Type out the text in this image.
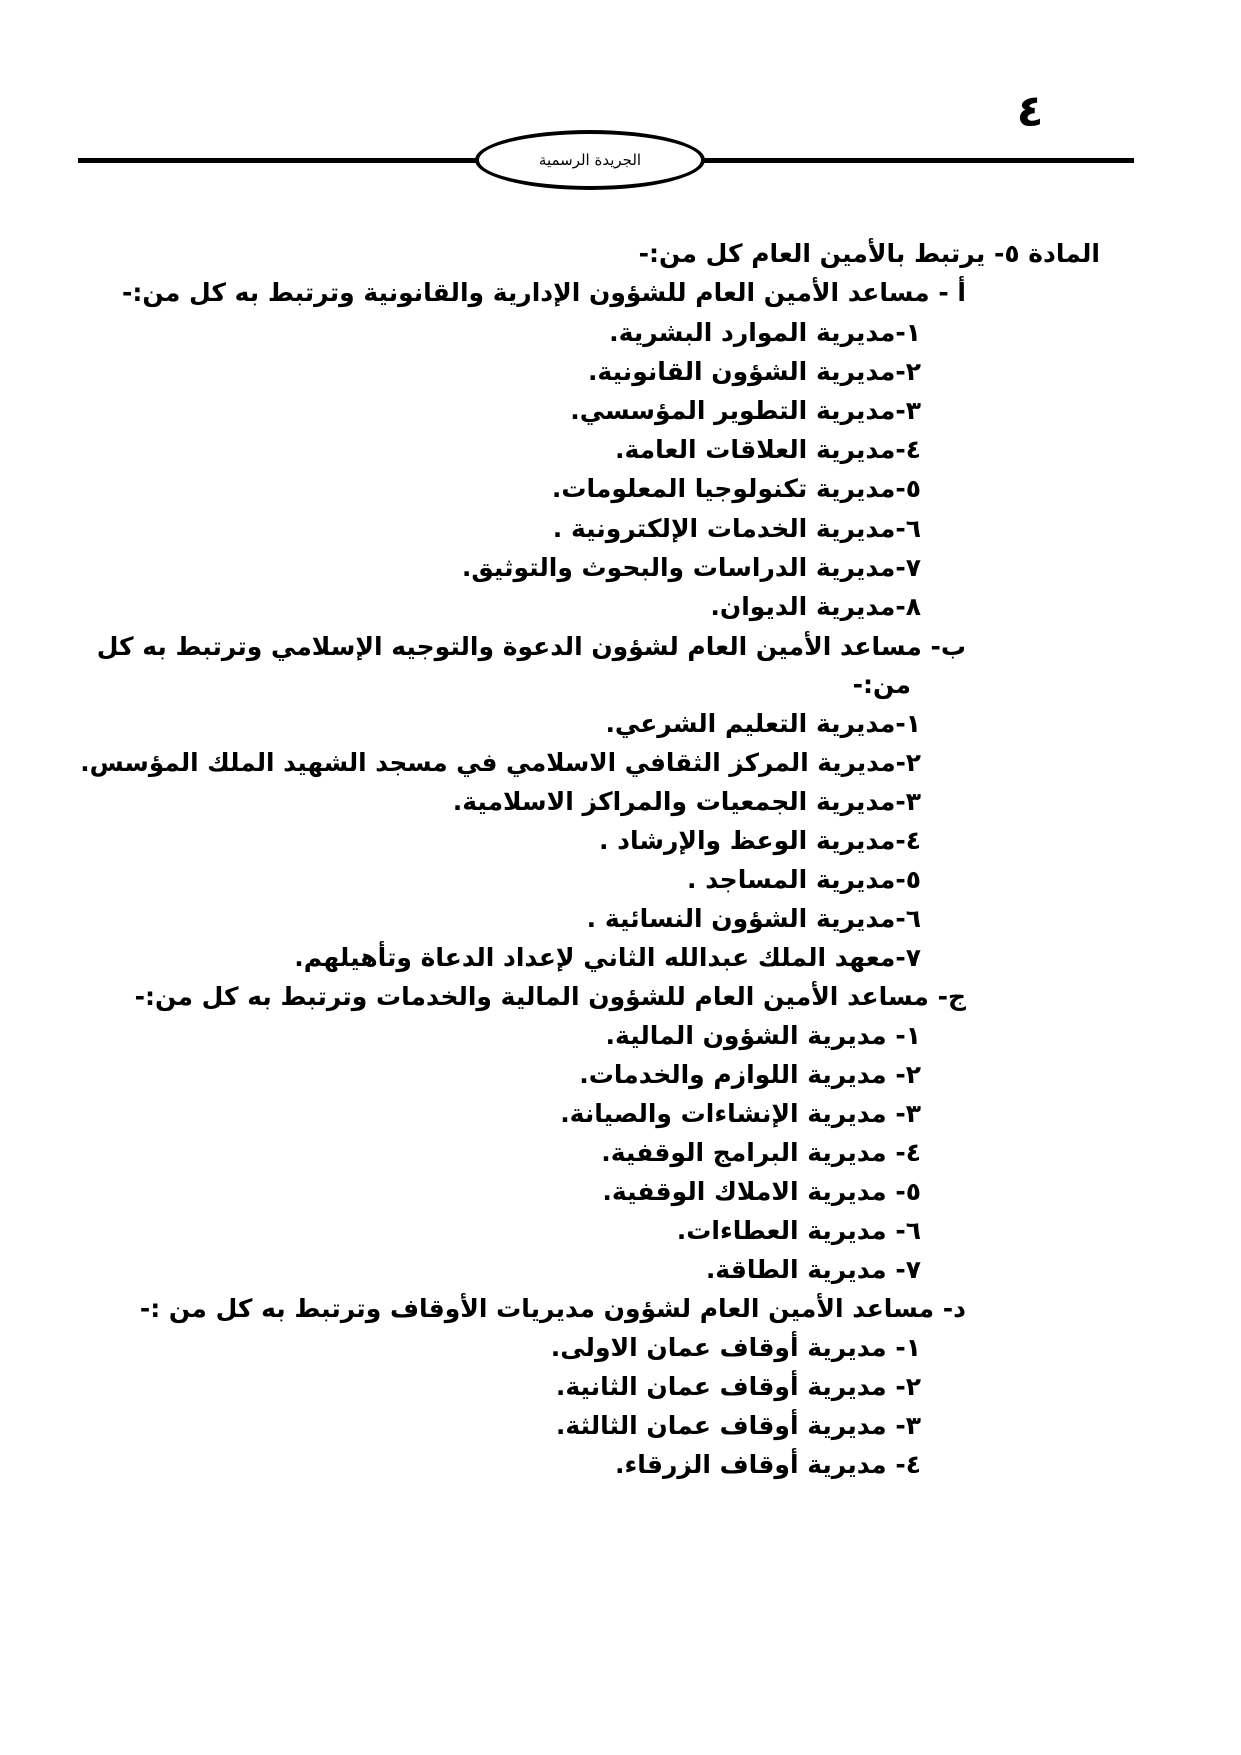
٤
الجريدة الرسمية
المادة ٥- يرتبط بالأمين العام كل من:-
أ - مساعد الأمين العام للشؤون الإدارية والقانونية وترتبط به كل من:-
١-مديرية الموارد البشرية.
٢-مديرية الشؤون القانونية.
٣-مديرية التطوير المؤسسي.
٤-مديرية العلاقات العامة.
٥-مديرية تكنولوجيا المعلومات.
٦-مديرية الخدمات الإلكترونية .
٧-مديرية الدراسات والبحوث والتوثيق.
٨-مديرية الديوان.
ب- مساعد الأمين العام لشؤون الدعوة والتوجيه الإسلامي وترتبط به كل
من:-
١-مديرية التعليم الشرعي.
٢-مديرية المركز الثقافي الاسلامي في مسجد الشهيد الملك المؤسس.
٣-مديرية الجمعيات والمراكز الاسلامية.
٤-مديرية الوعظ والإرشاد .
٥-مديرية المساجد .
٦-مديرية الشؤون النسائية .
٧-معهد الملك عبدالله الثاني لإعداد الدعاة وتأهيلهم.
ج- مساعد الأمين العام للشؤون المالية والخدمات وترتبط به كل من:-
١- مديرية الشؤون المالية.
٢- مديرية اللوازم والخدمات.
٣- مديرية الإنشاءات والصيانة.
٤- مديرية البرامج الوقفية.
٥- مديرية الاملاك الوقفية.
٦- مديرية العطاءات.
٧- مديرية الطاقة.
د- مساعد الأمين العام لشؤون مديريات الأوقاف وترتبط به كل من :-
١- مديرية أوقاف عمان الاولى.
٢- مديرية أوقاف عمان الثانية.
٣- مديرية أوقاف عمان الثالثة.
٤- مديرية أوقاف الزرقاء.
